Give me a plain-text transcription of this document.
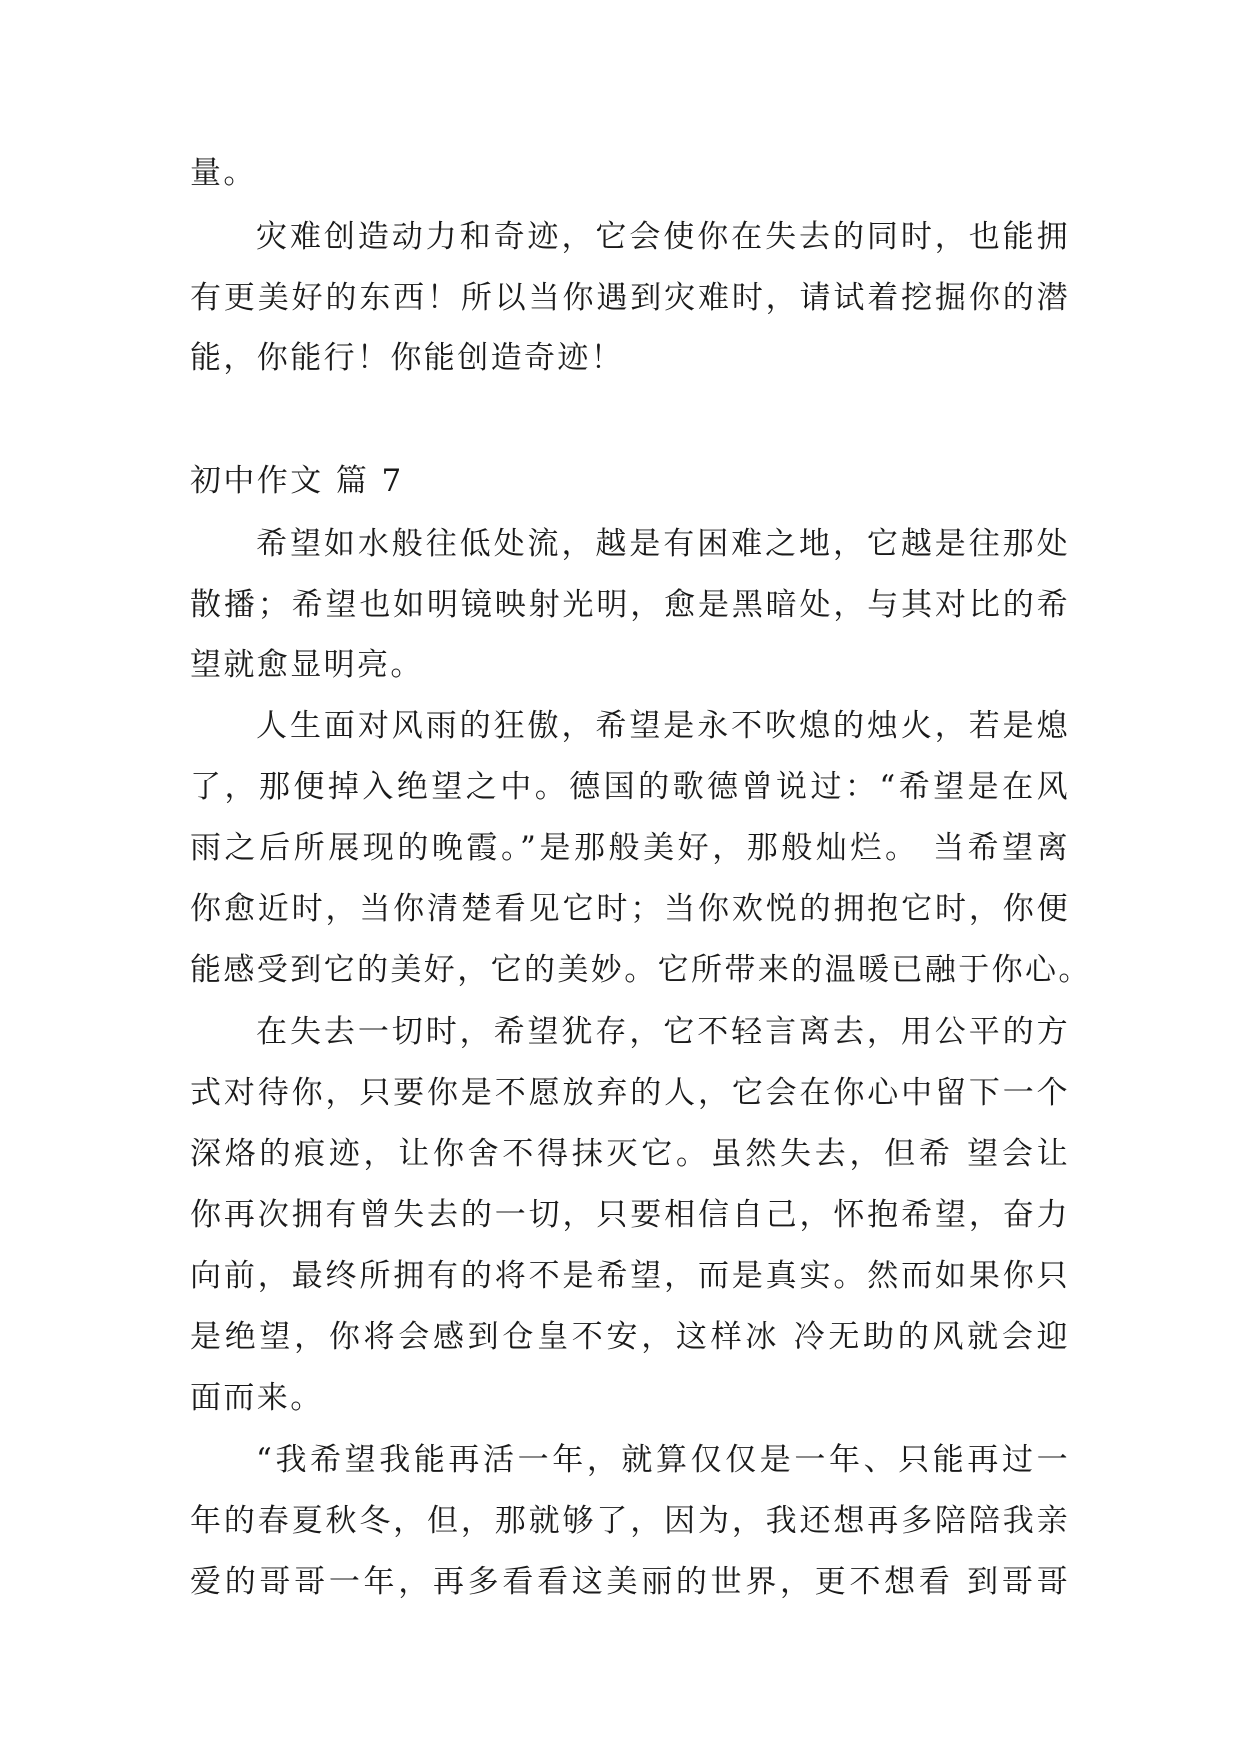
量。
灾难创造动力和奇迹，它会使你在失去的同时，也能拥
有更美好的东西！所以当你遇到灾难时，请试着挖掘你的潜
能，你能行！你能创造奇迹！
初中作文 篇 7
希望如水般往低处流，越是有困难之地，它越是往那处
散播；希望也如明镜映射光明，愈是黑暗处，与其对比的希
望就愈显明亮。
人生面对风雨的狂傲，希望是永不吹熄的烛火，若是熄
了，那便掉入绝望之中。德国的歌德曾说过：“希望是在风
雨之后所展现的晚霞。”是那般美好，那般灿烂。 当希望离
你愈近时，当你清楚看见它时；当你欢悦的拥抱它时，你便
能感受到它的美好，它的美妙。它所带来的温暖已融于你心。
在失去一切时，希望犹存，它不轻言离去，用公平的方
式对待你，只要你是不愿放弃的人，它会在你心中留下一个
深烙的痕迹，让你舍不得抹灭它。虽然失去，但希 望会让
你再次拥有曾失去的一切，只要相信自己，怀抱希望，奋力
向前，最终所拥有的将不是希望，而是真实。然而如果你只
是绝望，你将会感到仓皇不安，这样冰 冷无助的风就会迎
面而来。
“我希望我能再活一年，就算仅仅是一年、只能再过一
年的春夏秋冬，但，那就够了，因为，我还想再多陪陪我亲
爱的哥哥一年，再多看看这美丽的世界，更不想看 到哥哥
